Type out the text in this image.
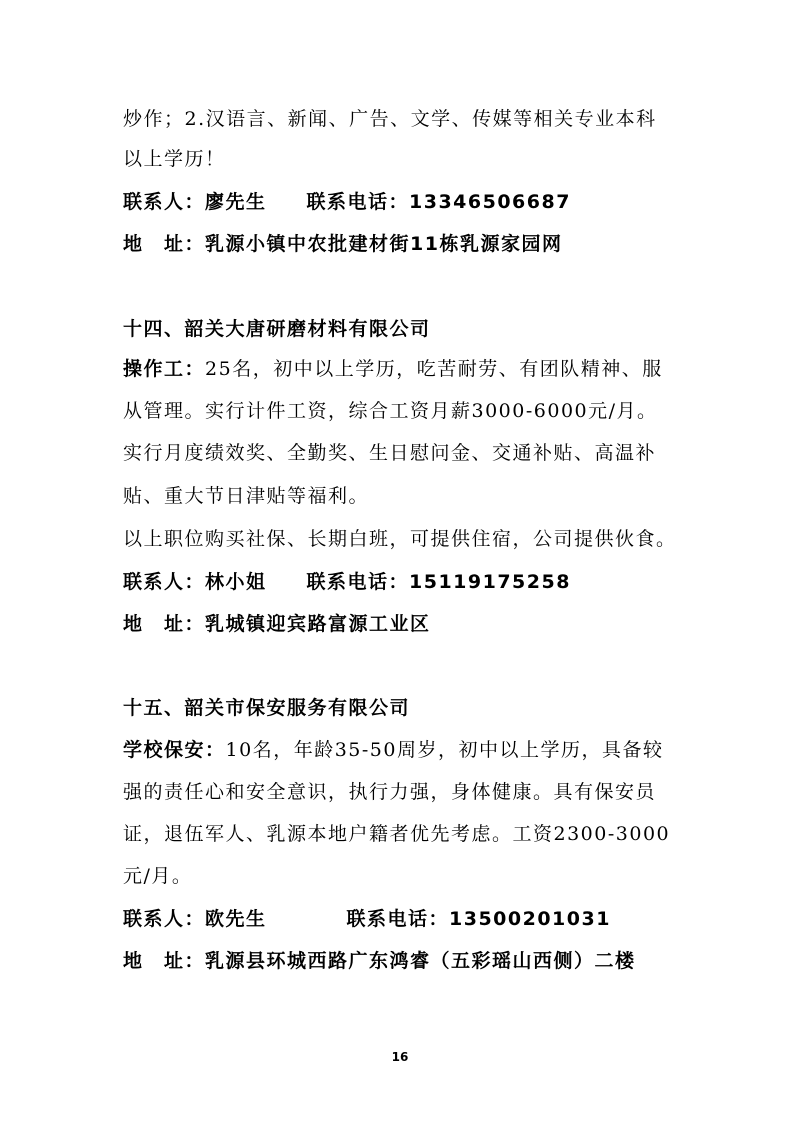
炒作；2.汉语言、新闻、广告、文学、传媒等相关专业本科
以上学历！
联系人：廖先生 联系电话：13346506687
地　址：乳源小镇中农批建材街11栋乳源家园网
十四、韶关大唐研磨材料有限公司
操作工：25名，初中以上学历，吃苦耐劳、有团队精神、服
从管理。实行计件工资，综合工资月薪3000-6000元/月。
实行月度绩效奖、全勤奖、生日慰问金、交通补贴、高温补
贴、重大节日津贴等福利。
以上职位购买社保、长期白班，可提供住宿，公司提供伙食。
联系人：林小姐 联系电话：15119175258
地　址：乳城镇迎宾路富源工业区
十五、韶关市保安服务有限公司
学校保安：10名，年龄35-50周岁，初中以上学历，具备较
强的责任心和安全意识，执行力强，身体健康。具有保安员
证，退伍军人、乳源本地户籍者优先考虑。工资2300-3000
元/月。
联系人：欧先生	联系电话：13500201031
地　址：乳源县环城西路广东鸿睿（五彩瑶山西侧）二楼
16
